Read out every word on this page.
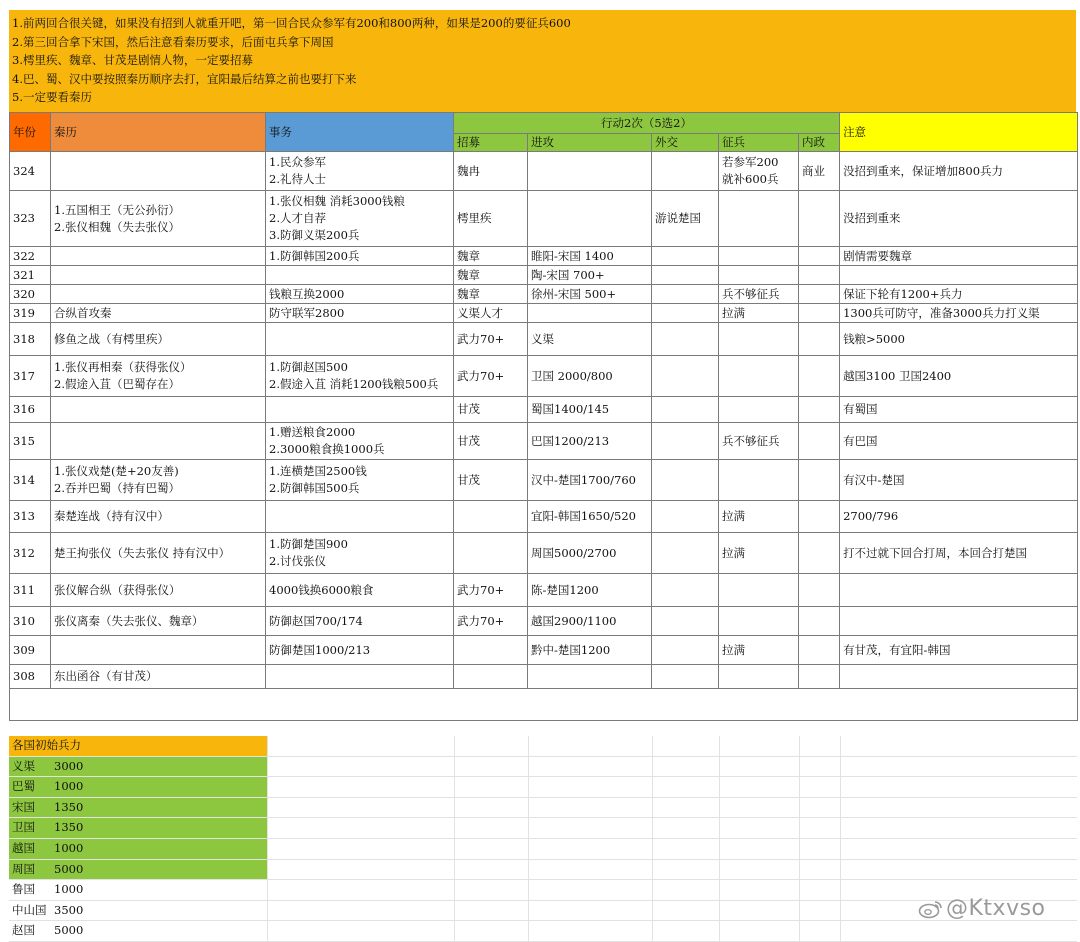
1.前两回合很关键，如果没有招到人就重开吧，第一回合民众参军有200和800两种，如果是200的要征兵600
2.第三回合拿下宋国，然后注意看秦历要求，后面屯兵拿下周国
3.樗里疾、魏章、甘茂是剧情人物，一定要招募
4.巴、蜀、汉中要按照秦历顺序去打，宜阳最后结算之前也要打下来
5.一定要看秦历
年份	秦历	事务	行动2次（5选2）					注意
			招募	进攻	外交	征兵	内政	

324		1.民众参军
2.礼待人士	魏冉			若参军200
就补600兵	商业	没招到重来，保证增加800兵力

323	1.五国相王（无公孙衍）
2.张仪相魏（失去张仪）	1.张仪相魏 消耗3000钱粮
2.人才自荐
3.防御义渠200兵	樗里疾		游说楚国			没招到重来

322		1.防御韩国200兵	魏章	睢阳-宋国 1400				剧情需要魏章

321			魏章	陶-宋国 700+				

320		钱粮互换2000	魏章	徐州-宋国 500+		兵不够征兵		保证下轮有1200+兵力

319	合纵首攻秦	防守联军2800	义渠人才			拉满		1300兵可防守，准备3000兵力打义渠

318	修鱼之战（有樗里疾）		武力70+	义渠				钱粮>5000

317	1.张仪再相秦（获得张仪）
2.假途入苴（巴蜀存在）	1.防御赵国500
2.假途入苴 消耗1200钱粮500兵	武力70+	卫国 2000/800				越国3100 卫国2400

316			甘茂	蜀国1400/145				有蜀国

315		1.赠送粮食2000
2.3000粮食换1000兵	甘茂	巴国1200/213		兵不够征兵		有巴国

314	1.张仪戏楚(楚+20友善)
2.吞并巴蜀（持有巴蜀）	1.连横楚国2500钱
2.防御韩国500兵	甘茂	汉中-楚国1700/760				有汉中-楚国

313	秦楚连战（持有汉中）			宜阳-韩国1650/520		拉满		2700/796

312	楚王拘张仪（失去张仪 持有汉中）	1.防御楚国900
2.讨伐张仪		周国5000/2700		拉满		打不过就下回合打周，本回合打楚国

311	张仪解合纵（获得张仪）	4000钱换6000粮食	武力70+	陈-楚国1200				

310	张仪离秦（失去张仪、魏章）	防御赵国700/174	武力70+	越国2900/1100				

309		防御楚国1000/213		黔中-楚国1200		拉满		有甘茂，有宜阳-韩国

308	东出函谷（有甘茂）							

各国初始兵力
义渠 3000
巴蜀 1000
宋国 1350
卫国 1350
越国 1000
周国 5000
鲁国 1000
中山国 3500
赵国 5000
@Ktxvso
